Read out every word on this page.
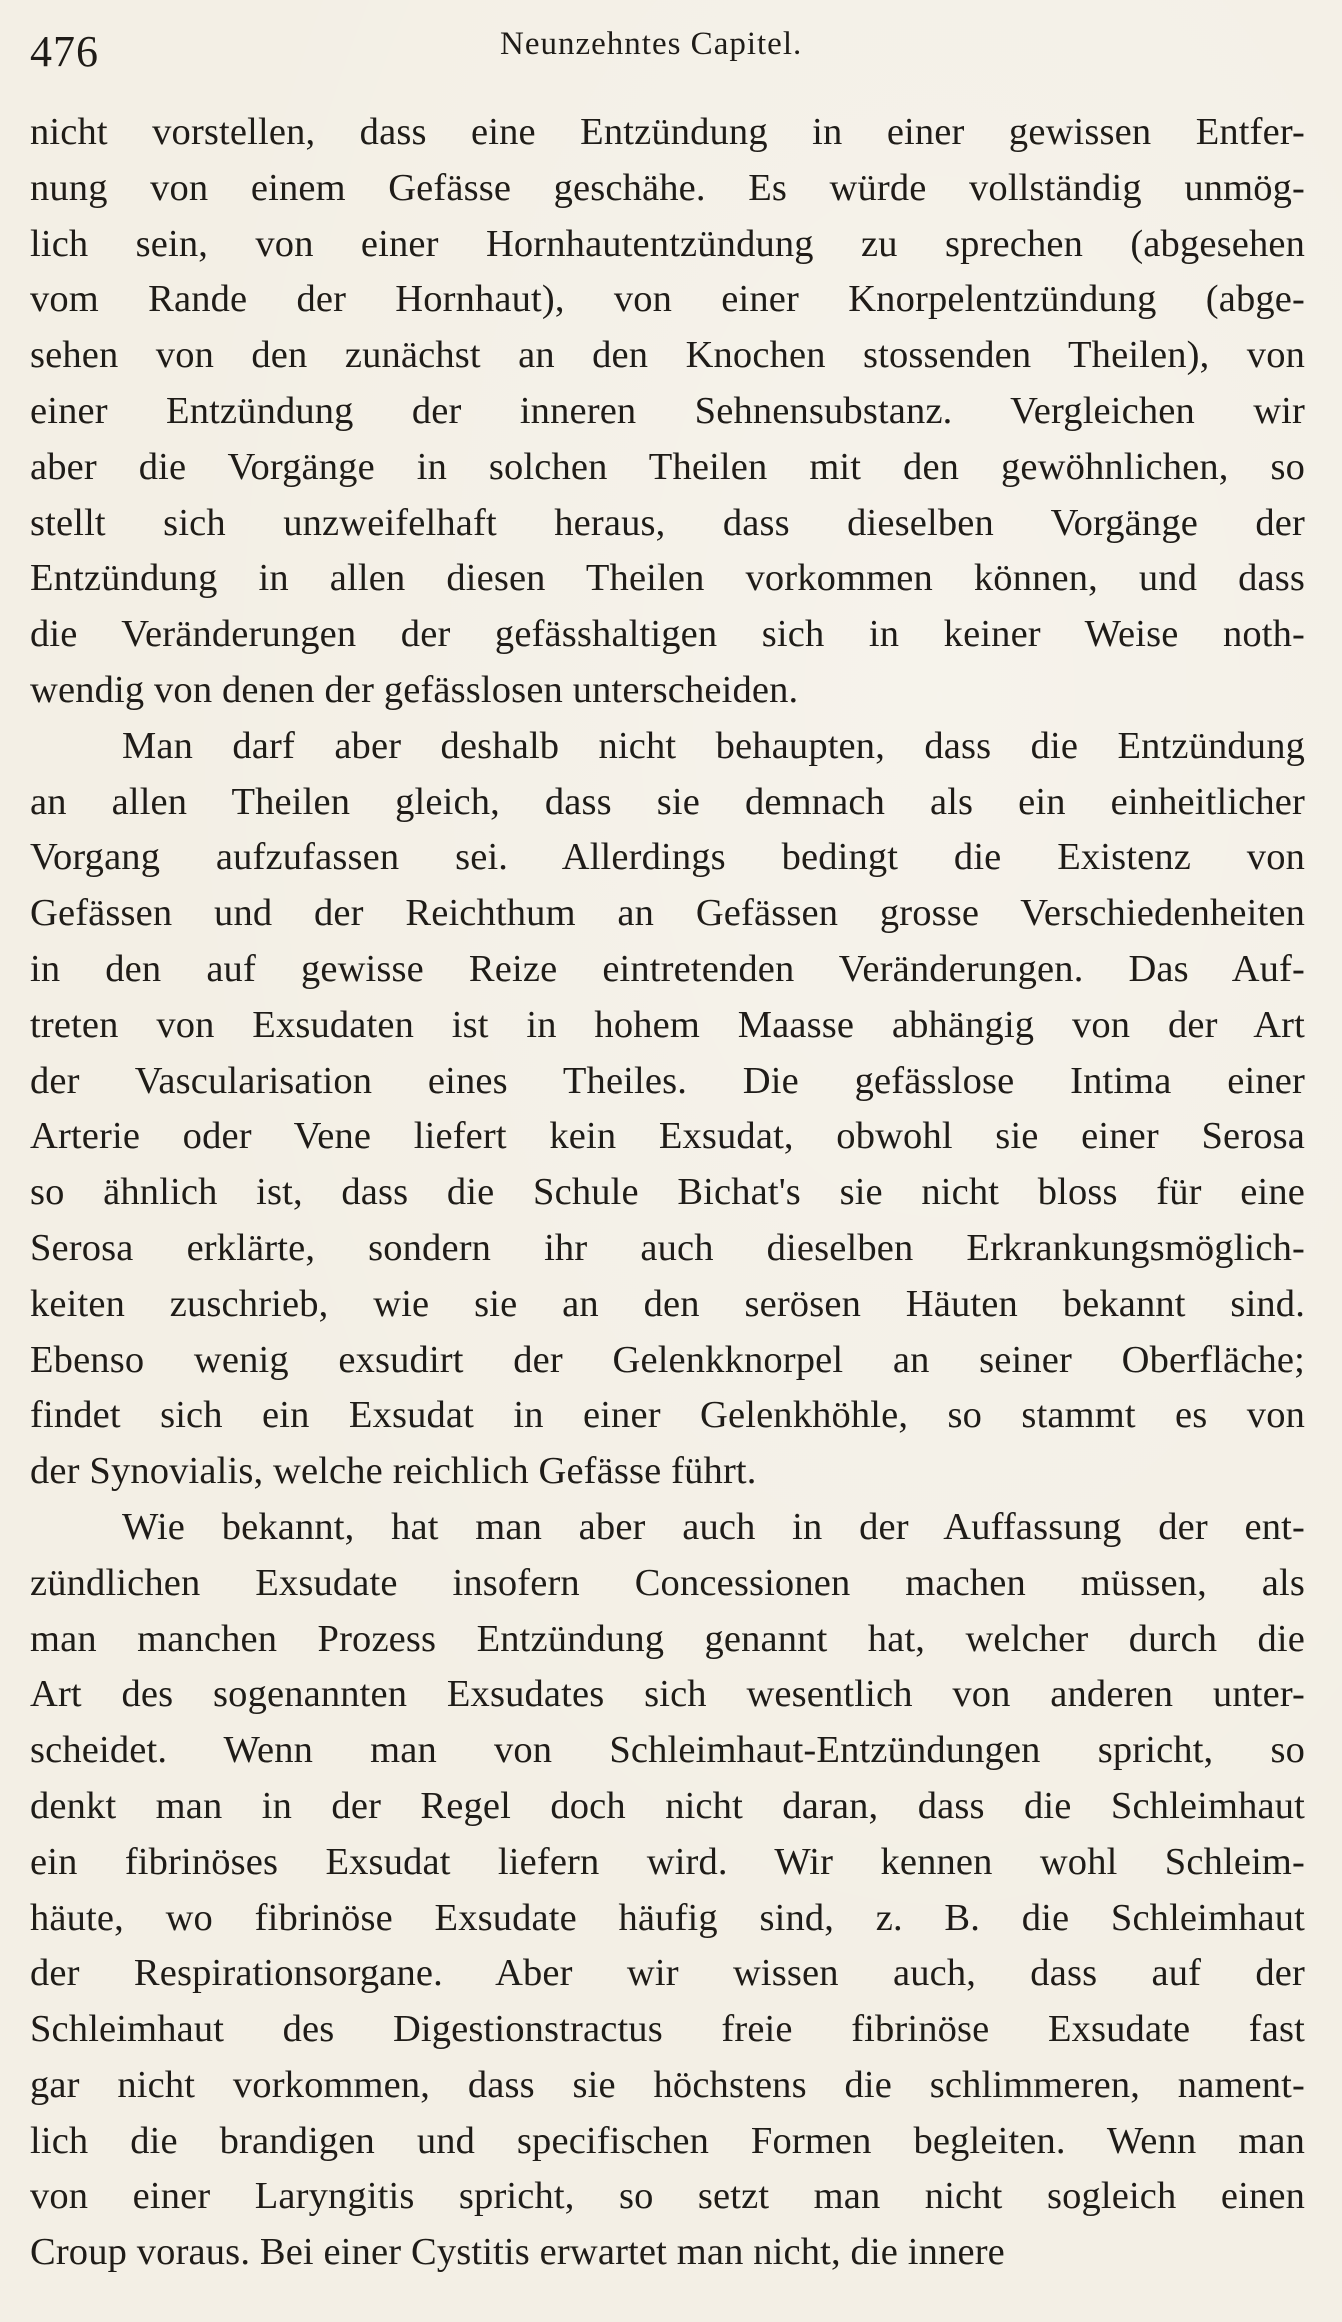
476	Neunzehntes Capitel.

nicht vorstellen, dass eine Entzündung in einer gewissen Entfer-
nung von einem Gefässe geschähe. Es würde vollständig unmög-
lich sein, von einer Hornhautentzündung zu sprechen (abgesehen
vom Rande der Hornhaut), von einer Knorpelentzündung (abge-
sehen von den zunächst an den Knochen stossenden Theilen), von
einer Entzündung der inneren Sehnensubstanz. Vergleichen wir
aber die Vorgänge in solchen Theilen mit den gewöhnlichen, so
stellt sich unzweifelhaft heraus, dass dieselben Vorgänge der
Entzündung in allen diesen Theilen vorkommen können, und dass
die Veränderungen der gefässhaltigen sich in keiner Weise noth-
wendig von denen der gefässlosen unterscheiden.

Man darf aber deshalb nicht behaupten, dass die Entzündung
an allen Theilen gleich, dass sie demnach als ein einheitlicher
Vorgang aufzufassen sei. Allerdings bedingt die Existenz von
Gefässen und der Reichthum an Gefässen grosse Verschiedenheiten
in den auf gewisse Reize eintretenden Veränderungen. Das Auf-
treten von Exsudaten ist in hohem Maasse abhängig von der Art
der Vascularisation eines Theiles. Die gefässlose Intima einer
Arterie oder Vene liefert kein Exsudat, obwohl sie einer Serosa
so ähnlich ist, dass die Schule Bichat's sie nicht bloss für eine
Serosa erklärte, sondern ihr auch dieselben Erkrankungsmöglich-
keiten zuschrieb, wie sie an den serösen Häuten bekannt sind.
Ebenso wenig exsudirt der Gelenkknorpel an seiner Oberfläche;
findet sich ein Exsudat in einer Gelenkhöhle, so stammt es von
der Synovialis, welche reichlich Gefässe führt.

Wie bekannt, hat man aber auch in der Auffassung der ent-
zündlichen Exsudate insofern Concessionen machen müssen, als
man manchen Prozess Entzündung genannt hat, welcher durch die
Art des sogenannten Exsudates sich wesentlich von anderen unter-
scheidet. Wenn man von Schleimhaut-Entzündungen spricht, so
denkt man in der Regel doch nicht daran, dass die Schleimhaut
ein fibrinöses Exsudat liefern wird. Wir kennen wohl Schleim-
häute, wo fibrinöse Exsudate häufig sind, z. B. die Schleimhaut
der Respirationsorgane. Aber wir wissen auch, dass auf der
Schleimhaut des Digestionstractus freie fibrinöse Exsudate fast
gar nicht vorkommen, dass sie höchstens die schlimmeren, nament-
lich die brandigen und specifischen Formen begleiten. Wenn man
von einer Laryngitis spricht, so setzt man nicht sogleich einen
Croup voraus. Bei einer Cystitis erwartet man nicht, die innere
